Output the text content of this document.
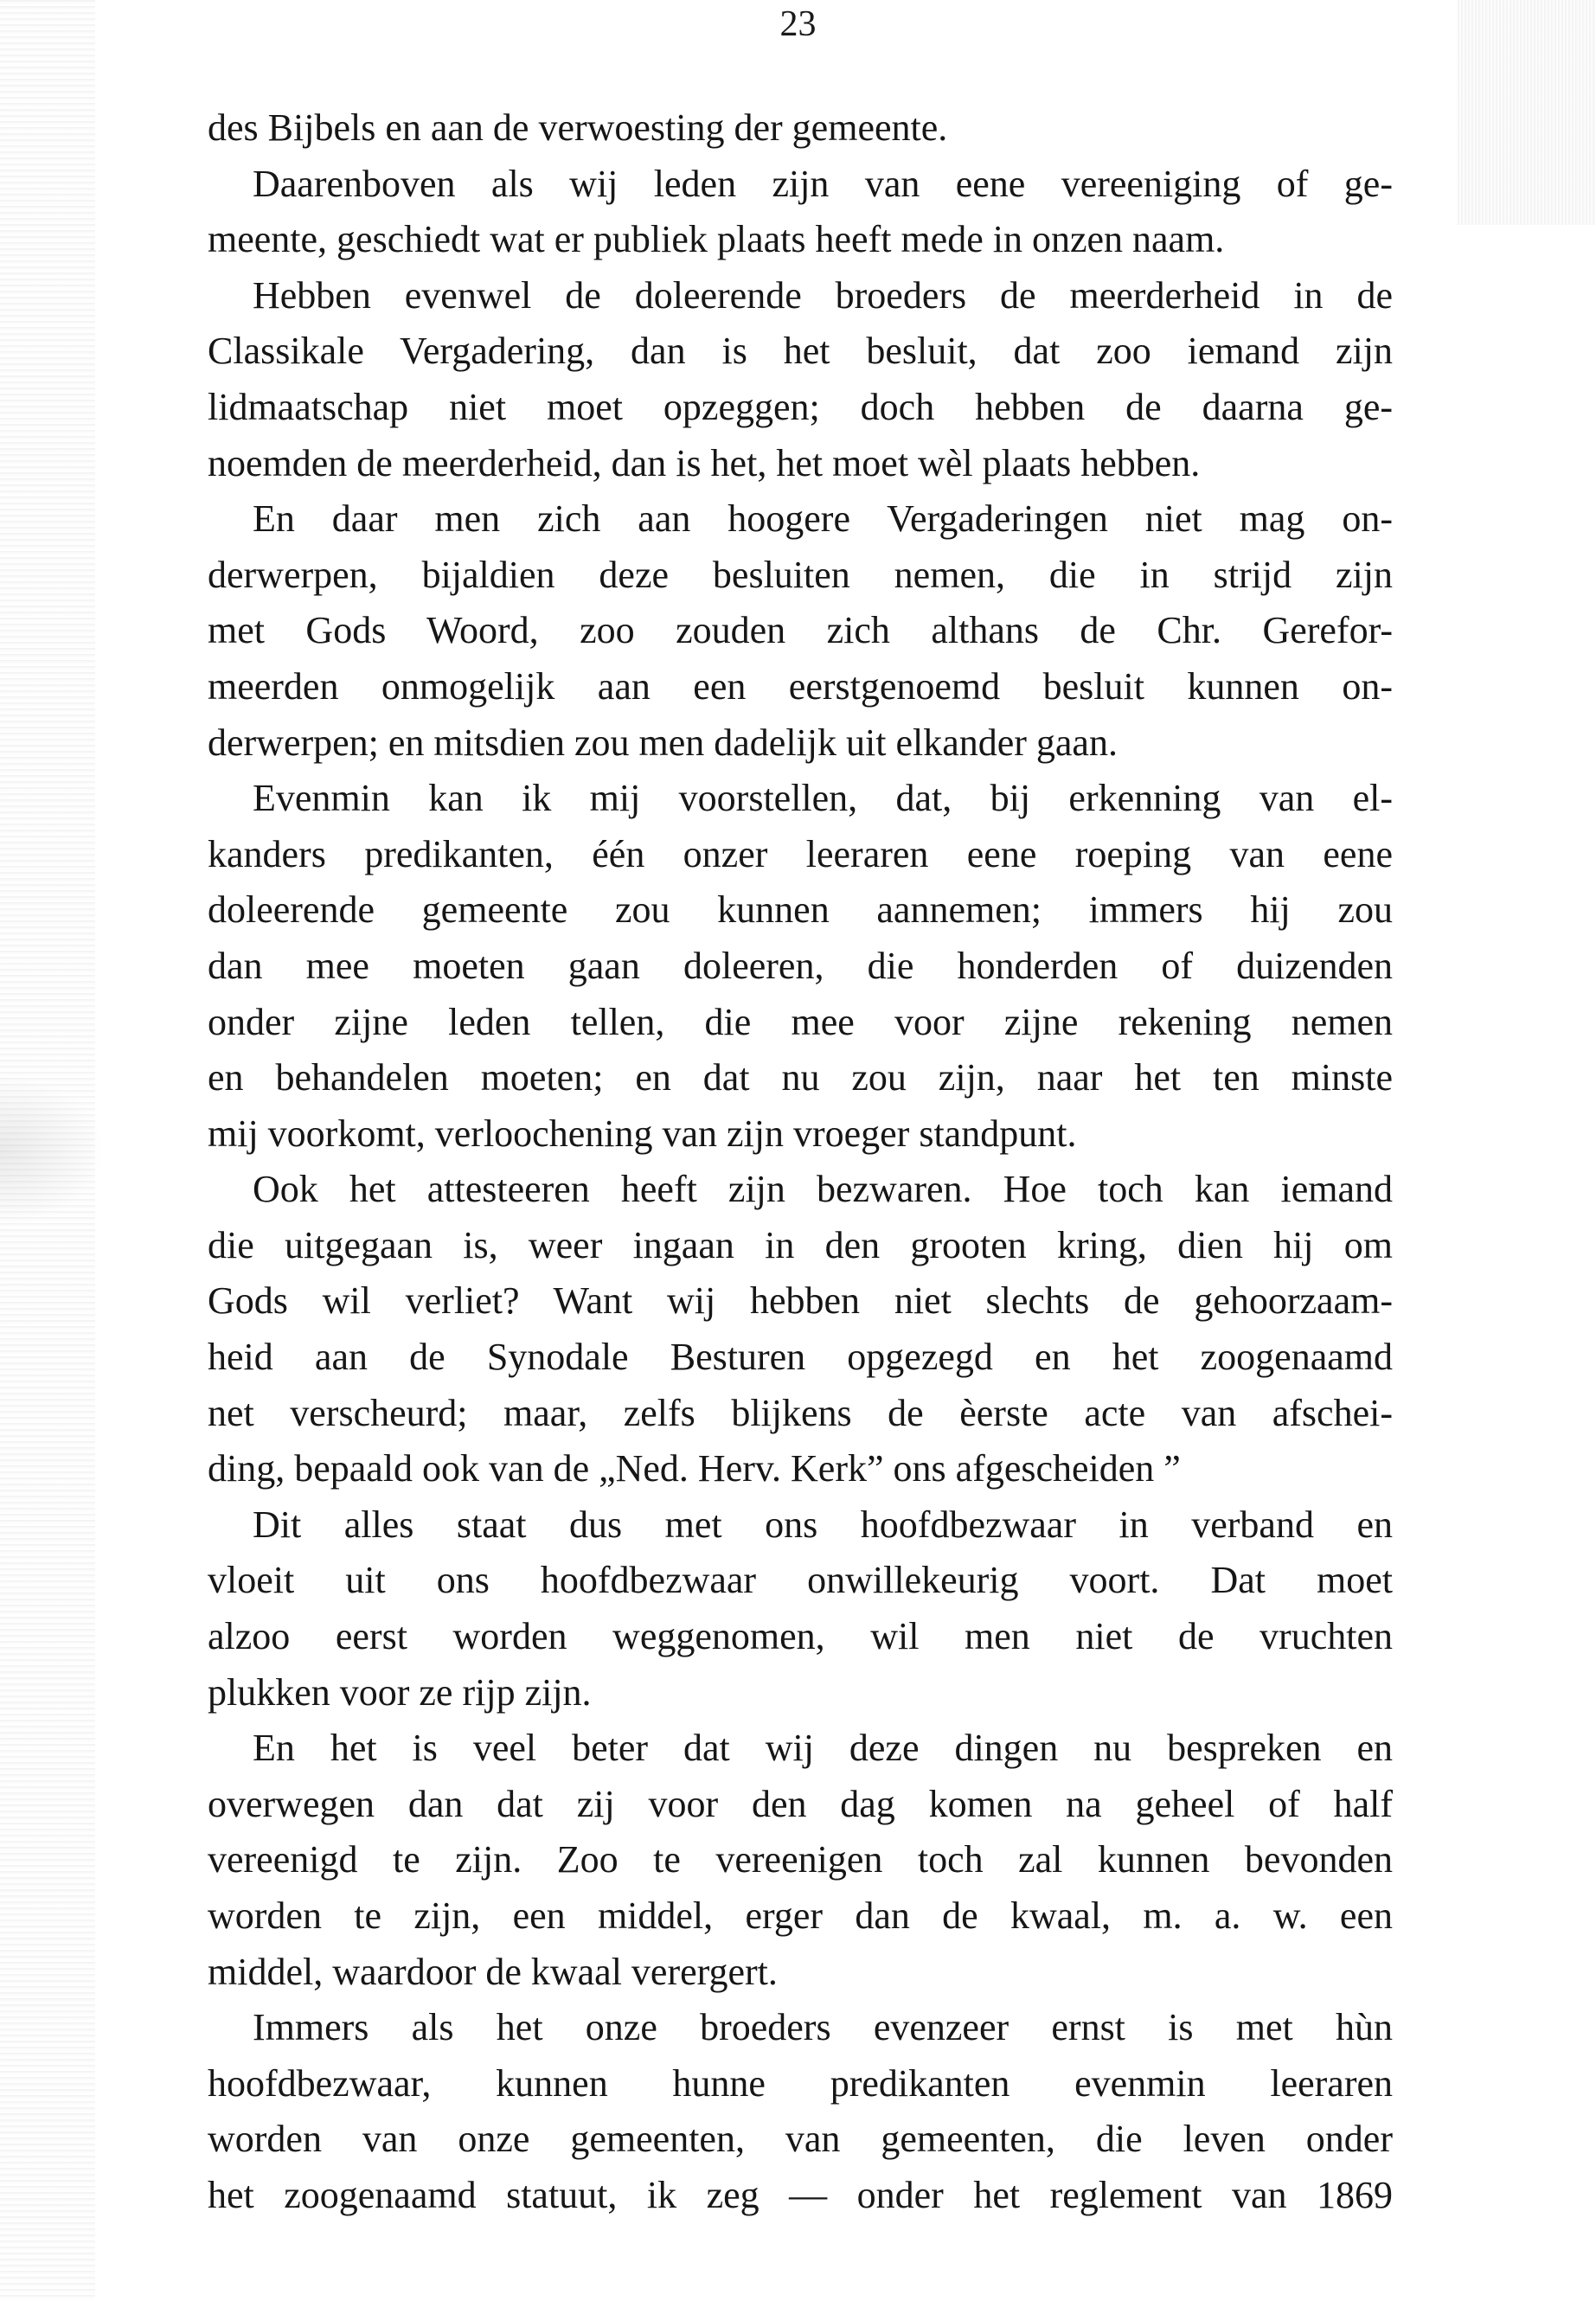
23
des Bijbels en aan de verwoesting der gemeente.
Daarenboven als wij leden zijn van eene vereeniging of ge-
meente, geschiedt wat er publiek plaats heeft mede in onzen naam.
Hebben evenwel de doleerende broeders de meerderheid in de
Classikale Vergadering, dan is het besluit, dat zoo iemand zijn
lidmaatschap niet moet opzeggen; doch hebben de daarna ge-
noemden de meerderheid, dan is het, het moet wèl plaats hebben.
En daar men zich aan hoogere Vergaderingen niet mag on-
derwerpen, bijaldien deze besluiten nemen, die in strijd zijn
met Gods Woord, zoo zouden zich althans de Chr. Gerefor-
meerden onmogelijk aan een eerstgenoemd besluit kunnen on-
derwerpen; en mitsdien zou men dadelijk uit elkander gaan.
Evenmin kan ik mij voorstellen, dat, bij erkenning van el-
kanders predikanten, één onzer leeraren eene roeping van eene
doleerende gemeente zou kunnen aannemen; immers hij zou
dan mee moeten gaan doleeren, die honderden of duizenden
onder zijne leden tellen, die mee voor zijne rekening nemen
en behandelen moeten; en dat nu zou zijn, naar het ten minste
mij voorkomt, verloochening van zijn vroeger standpunt.
Ook het attesteeren heeft zijn bezwaren. Hoe toch kan iemand
die uitgegaan is, weer ingaan in den grooten kring, dien hij om
Gods wil verliet? Want wij hebben niet slechts de gehoorzaam-
heid aan de Synodale Besturen opgezegd en het zoogenaamd
net verscheurd; maar, zelfs blijkens de èerste acte van afschei-
ding, bepaald ook van de „Ned. Herv. Kerk” ons afgescheiden ”
Dit alles staat dus met ons hoofdbezwaar in verband en
vloeit uit ons hoofdbezwaar onwillekeurig voort. Dat moet
alzoo eerst worden weggenomen, wil men niet de vruchten
plukken voor ze rijp zijn.
En het is veel beter dat wij deze dingen nu bespreken en
overwegen dan dat zij voor den dag komen na geheel of half
vereenigd te zijn. Zoo te vereenigen toch zal kunnen bevonden
worden te zijn, een middel, erger dan de kwaal, m. a. w. een
middel, waardoor de kwaal verergert.
Immers als het onze broeders evenzeer ernst is met hùn
hoofdbezwaar, kunnen hunne predikanten evenmin leeraren
worden van onze gemeenten, van gemeenten, die leven onder
het zoogenaamd statuut, ik zeg — onder het reglement van 1869
